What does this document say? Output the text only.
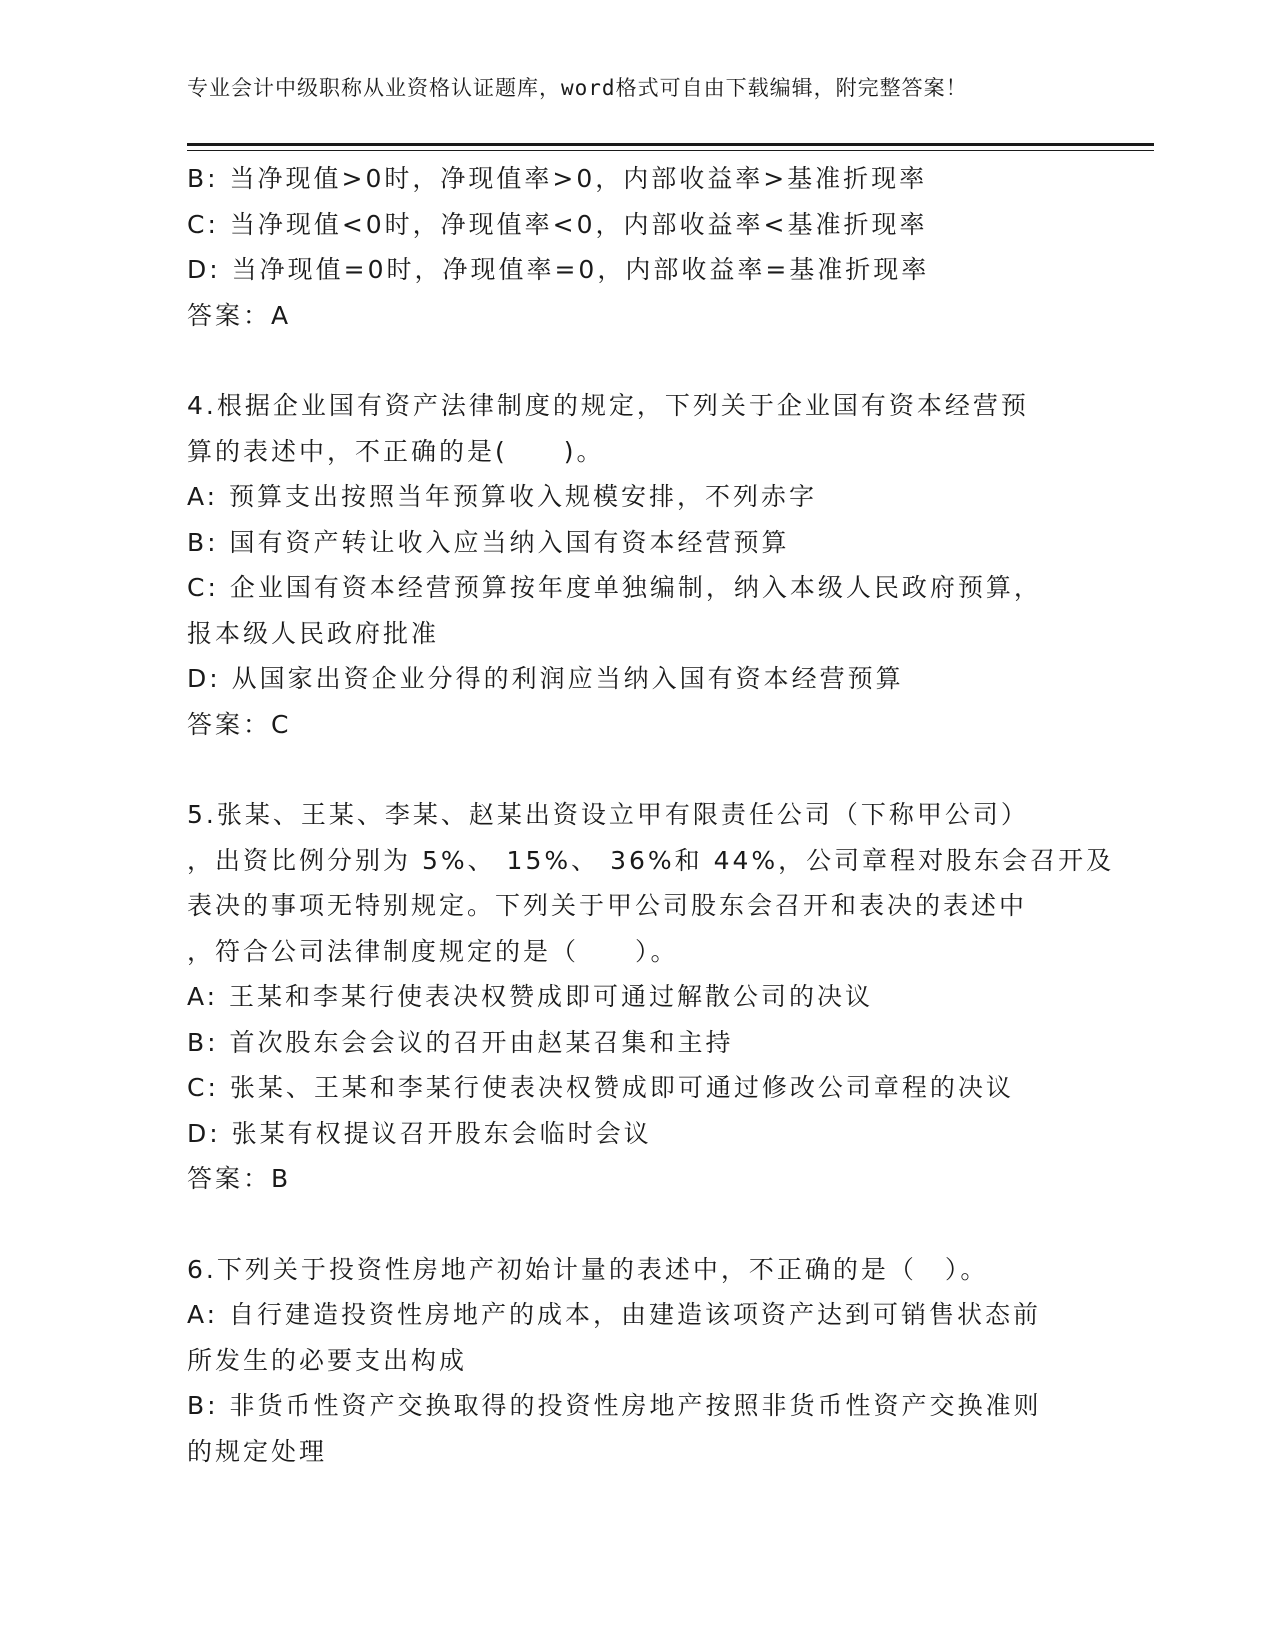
专业会计中级职称从业资格认证题库，word格式可自由下载编辑，附完整答案！
B: 当净现值>0时，净现值率>0，内部收益率>基准折现率
C: 当净现值<0时，净现值率<0，内部收益率<基准折现率
D: 当净现值=0时，净现值率=0，内部收益率=基准折现率
答案：A
4.根据企业国有资产法律制度的规定，下列关于企业国有资本经营预
算的表述中，不正确的是(　　)。
A: 预算支出按照当年预算收入规模安排，不列赤字
B: 国有资产转让收入应当纳入国有资本经营预算
C: 企业国有资本经营预算按年度单独编制，纳入本级人民政府预算，
报本级人民政府批准
D: 从国家出资企业分得的利润应当纳入国有资本经营预算
答案：C
5.张某、王某、李某、赵某出资设立甲有限责任公司（下称甲公司）
，出资比例分别为 5%、 15%、 36%和 44%，公司章程对股东会召开及
表决的事项无特别规定。下列关于甲公司股东会召开和表决的表述中
，符合公司法律制度规定的是（　　）。
A: 王某和李某行使表决权赞成即可通过解散公司的决议
B: 首次股东会会议的召开由赵某召集和主持
C: 张某、王某和李某行使表决权赞成即可通过修改公司章程的决议
D: 张某有权提议召开股东会临时会议
答案：B
6.下列关于投资性房地产初始计量的表述中，不正确的是（　）。
A: 自行建造投资性房地产的成本，由建造该项资产达到可销售状态前
所发生的必要支出构成
B: 非货币性资产交换取得的投资性房地产按照非货币性资产交换准则
的规定处理
